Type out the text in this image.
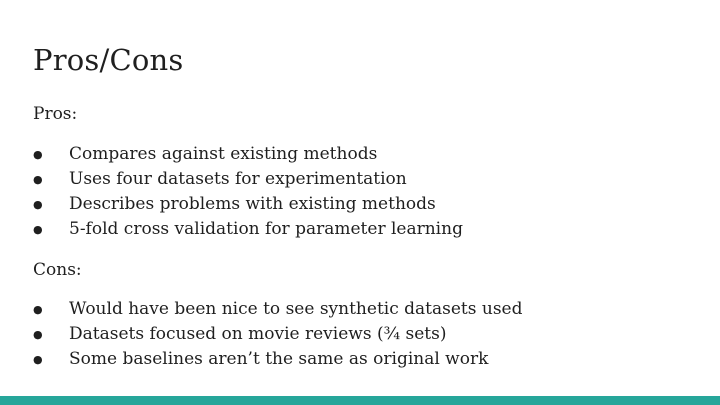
Pros/Cons

Pros:

● Compares against existing methods
● Uses four datasets for experimentation
● Describes problems with existing methods
● 5-fold cross validation for parameter learning

Cons:

● Would have been nice to see synthetic datasets used
● Datasets focused on movie reviews (¾ sets)
● Some baselines aren’t the same as original work
